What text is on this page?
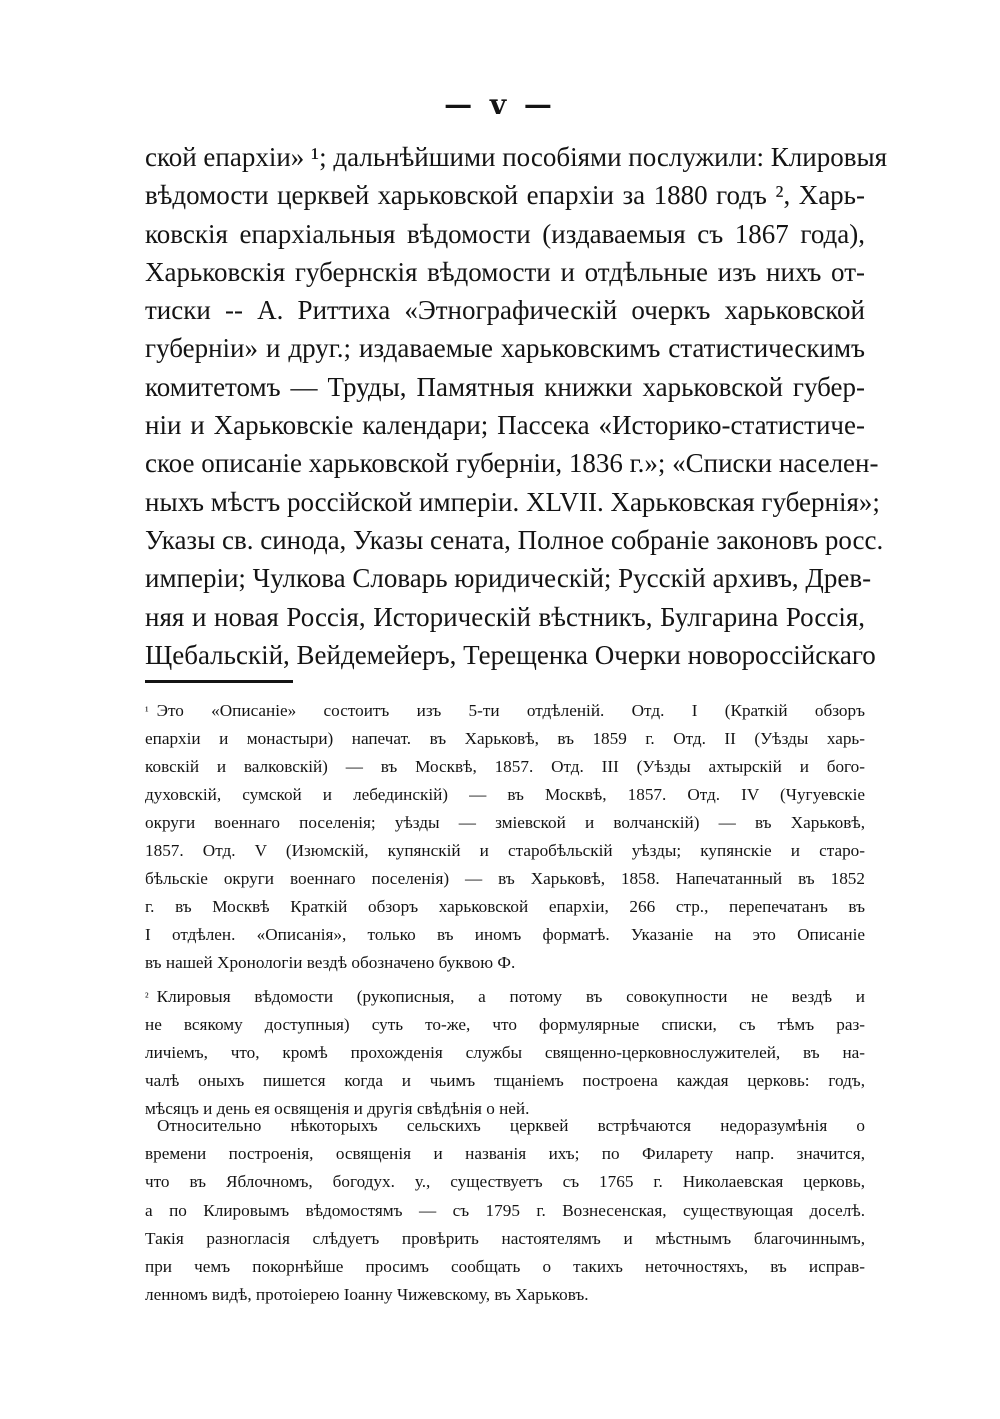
— v —
ской епархіи» ¹; дальнѣйшими пособіями послужили: Клировыя
вѣдомости церквей харьковской епархіи за 1880 годъ ², Харь-
ковскія епархіальныя вѣдомости (издаваемыя съ 1867 года),
Харьковскія губернскія вѣдомости и отдѣльные изъ нихъ от-
тиски -- А. Риттиха «Этнографическій очеркъ харьковской
губерніи» и друг.; издаваемые харьковскимъ статистическимъ
комитетомъ — Труды, Памятныя книжки харьковской губер-
ніи и Харьковскіе календари; Пассека «Историко-статистиче-
ское описаніе харьковской губерніи, 1836 г.»; «Списки населен-
ныхъ мѣстъ россійской имперіи. XLVII. Харьковская губернія»;
Указы св. синода, Указы сената, Полное собраніе законовъ росс.
имперіи; Чулкова Словарь юридическій; Русскій архивъ, Древ-
няя и новая Россія, Историческій вѣстникъ, Булгарина Россія,
Щебальскій, Вейдемейеръ, Терещенка Очерки новороссійскаго
$^{^1}$ Это «Описаніе» состоитъ изъ 5-ти отдѣленій. Отд. I (Краткій обзоръ
епархіи и монастыри) напечат. въ Харьковѣ, въ 1859 г. Отд. II (Уѣзды харь-
ковскій и валковскій) — въ Москвѣ, 1857. Отд. III (Уѣзды ахтырскій и бого-
духовскій, сумской и лебединскій) — въ Москвѣ, 1857. Отд. IV (Чугуевскіе
округи военнаго поселенія; уѣзды — зміевской и волчанскій) — въ Харьковѣ,
1857. Отд. V (Изюмскій, купянскій и старобѣльскій уѣзды; купянскіе и старо-
бѣльскіе округи военнаго поселенія) — въ Харьковѣ, 1858. Напечатанный въ 1852
г. въ Москвѣ Краткій обзоръ харьковской епархіи, 266 стр., перепечатанъ въ
I отдѣлен. «Описанія», только въ иномъ форматѣ. Указаніе на это Описаніе
въ нашей Хронологіи вездѣ обозначено буквою Ф.
$^{^2}$ Клировыя вѣдомости (рукописныя, а потому въ совокупности не вездѣ и
не всякому доступныя) суть то-же, что формулярные списки, съ тѣмъ раз-
личіемъ, что, кромѣ прохожденія службы священно-церковнослужителей, въ на-
чалѣ оныхъ пишется когда и чьимъ тщаніемъ построена каждая церковь: годъ,
мѣсяцъ и день ея освященія и другія свѣдѣнія о ней.
Относительно нѣкоторыхъ сельскихъ церквей встрѣчаются недоразумѣнія о
времени построенія, освященія и названія ихъ; по Филарету напр. значится,
что въ Яблочномъ, богодух. у., существуетъ съ 1765 г. Николаевская церковь,
а по Клировымъ вѣдомостямъ — съ 1795 г. Вознесенская, существующая доселѣ.
Такія разногласія слѣдуетъ провѣрить настоятелямъ и мѣстнымъ благочиннымъ,
при чемъ покорнѣйше просимъ сообщать о такихъ неточностяхъ, въ исправ-
ленномъ видѣ, протоіерею Іоанну Чижевскому, въ Харьковъ.
